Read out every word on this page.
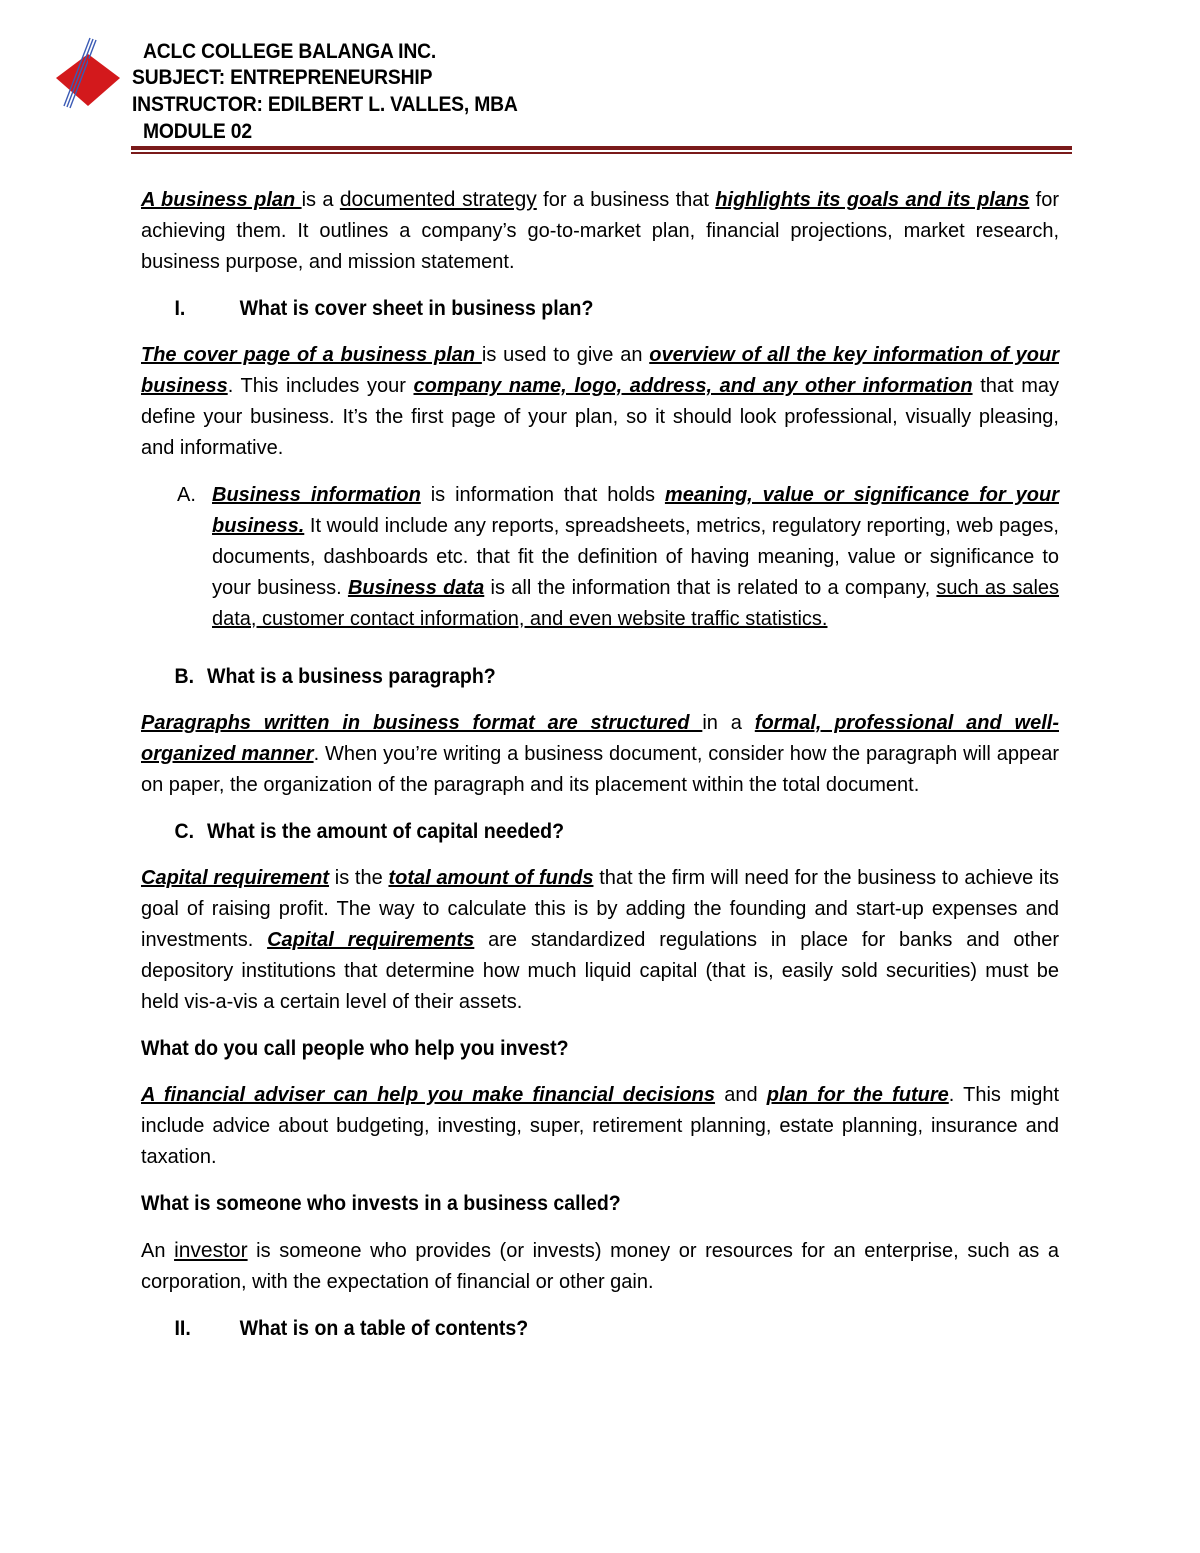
ACLC COLLEGE BALANGA INC.
SUBJECT: ENTREPRENEURSHIP
INSTRUCTOR: EDILBERT L. VALLES, MBA
MODULE 02

A business plan is a documented strategy for a business that highlights its goals and its plans for achieving them. It outlines a company’s go-to-market plan, financial projections, market research, business purpose, and mission statement.

I.	What is cover sheet in business plan?

The cover page of a business plan is used to give an overview of all the key information of your business. This includes your company name, logo, address, and any other information that may define your business. It’s the first page of your plan, so it should look professional, visually pleasing, and informative.

A. Business information is information that holds meaning, value or significance for your business. It would include any reports, spreadsheets, metrics, regulatory reporting, web pages, documents, dashboards etc. that fit the definition of having meaning, value or significance to your business. Business data is all the information that is related to a company, such as sales data, customer contact information, and even website traffic statistics.

B. What is a business paragraph?

Paragraphs written in business format are structured in a formal, professional and well-organized manner. When you’re writing a business document, consider how the paragraph will appear on paper, the organization of the paragraph and its placement within the total document.

C. What is the amount of capital needed?

Capital requirement is the total amount of funds that the firm will need for the business to achieve its goal of raising profit. The way to calculate this is by adding the founding and start-up expenses and investments. Capital requirements are standardized regulations in place for banks and other depository institutions that determine how much liquid capital (that is, easily sold securities) must be held vis-a-vis a certain level of their assets.

What do you call people who help you invest?

A financial adviser can help you make financial decisions and plan for the future. This might include advice about budgeting, investing, super, retirement planning, estate planning, insurance and taxation.

What is someone who invests in a business called?

An investor is someone who provides (or invests) money or resources for an enterprise, such as a corporation, with the expectation of financial or other gain.

II.	What is on a table of contents?
